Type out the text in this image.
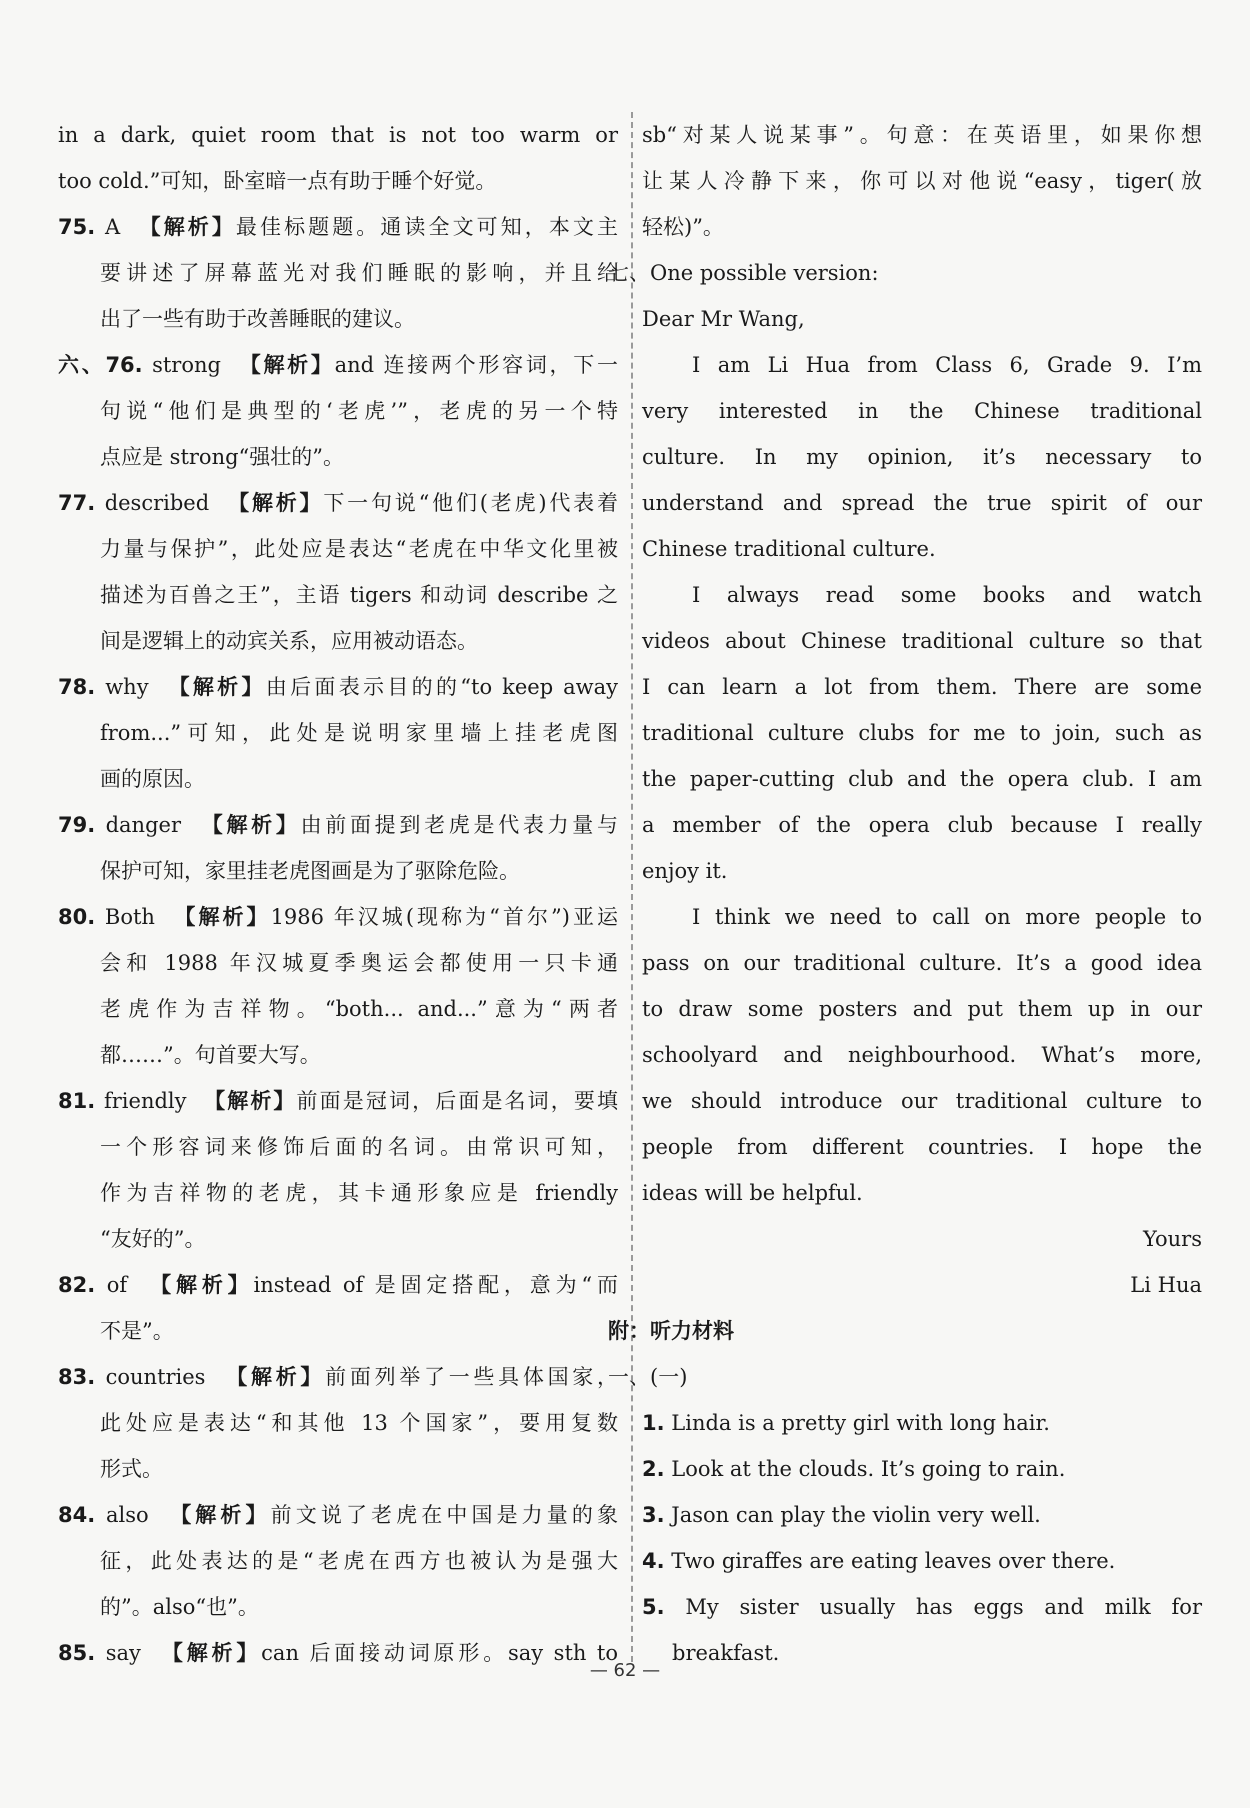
in a dark, quiet room that is not too warm or
too cold.”可知，卧室暗一点有助于睡个好觉。
75. A 【解析】最佳标题题。通读全文可知，本文主
要讲述了屏幕蓝光对我们睡眠的影响，并且给
出了一些有助于改善睡眠的建议。
六、76. strong 【解析】and 连接两个形容词，下一
句说“他们是典型的‘老虎’”，老虎的另一个特
点应是 strong“强壮的”。
77. described 【解析】下一句说“他们(老虎)代表着
力量与保护”，此处应是表达“老虎在中华文化里被
描述为百兽之王”，主语 tigers 和动词 describe 之
间是逻辑上的动宾关系，应用被动语态。
78. why 【解析】由后面表示目的的“to keep away
from...”可知，此处是说明家里墙上挂老虎图
画的原因。
79. danger 【解析】由前面提到老虎是代表力量与
保护可知，家里挂老虎图画是为了驱除危险。
80. Both 【解析】1986 年汉城(现称为“首尔”)亚运
会和 1988 年汉城夏季奥运会都使用一只卡通
老虎作为吉祥物。“both... and...”意为“两者
都……”。句首要大写。
81. friendly 【解析】前面是冠词，后面是名词，要填
一个形容词来修饰后面的名词。由常识可知，
作为吉祥物的老虎，其卡通形象应是 friendly
“友好的”。
82. of 【解析】instead of 是固定搭配，意为“而
不是”。
83. countries 【解析】前面列举了一些具体国家，
此处应是表达“和其他 13 个国家”，要用复数
形式。
84. also 【解析】前文说了老虎在中国是力量的象
征，此处表达的是“老虎在西方也被认为是强大
的”。also“也”。
85. say 【解析】can 后面接动词原形。say sth to
sb“对某人说某事”。句意：在英语里，如果你想
让某人冷静下来，你可以对他说“easy，tiger(放
轻松)”。
七、One possible version:
Dear Mr Wang,
I am Li Hua from Class 6, Grade 9. I’m
very interested in the Chinese traditional
culture. In my opinion, it’s necessary to
understand and spread the true spirit of our
Chinese traditional culture.
I always read some books and watch
videos about Chinese traditional culture so that
I can learn a lot from them. There are some
traditional culture clubs for me to join, such as
the paper-cutting club and the opera club. I am
a member of the opera club because I really
enjoy it.
I think we need to call on more people to
pass on our traditional culture. It’s a good idea
to draw some posters and put them up in our
schoolyard and neighbourhood. What’s more,
we should introduce our traditional culture to
people from different countries. I hope the
ideas will be helpful.
Yours
Li Hua
附：听力材料
一、(一)
1. Linda is a pretty girl with long hair.
2. Look at the clouds. It’s going to rain.
3. Jason can play the violin very well.
4. Two giraffes are eating leaves over there.
5. My sister usually has eggs and milk for
breakfast.
— 62 —
